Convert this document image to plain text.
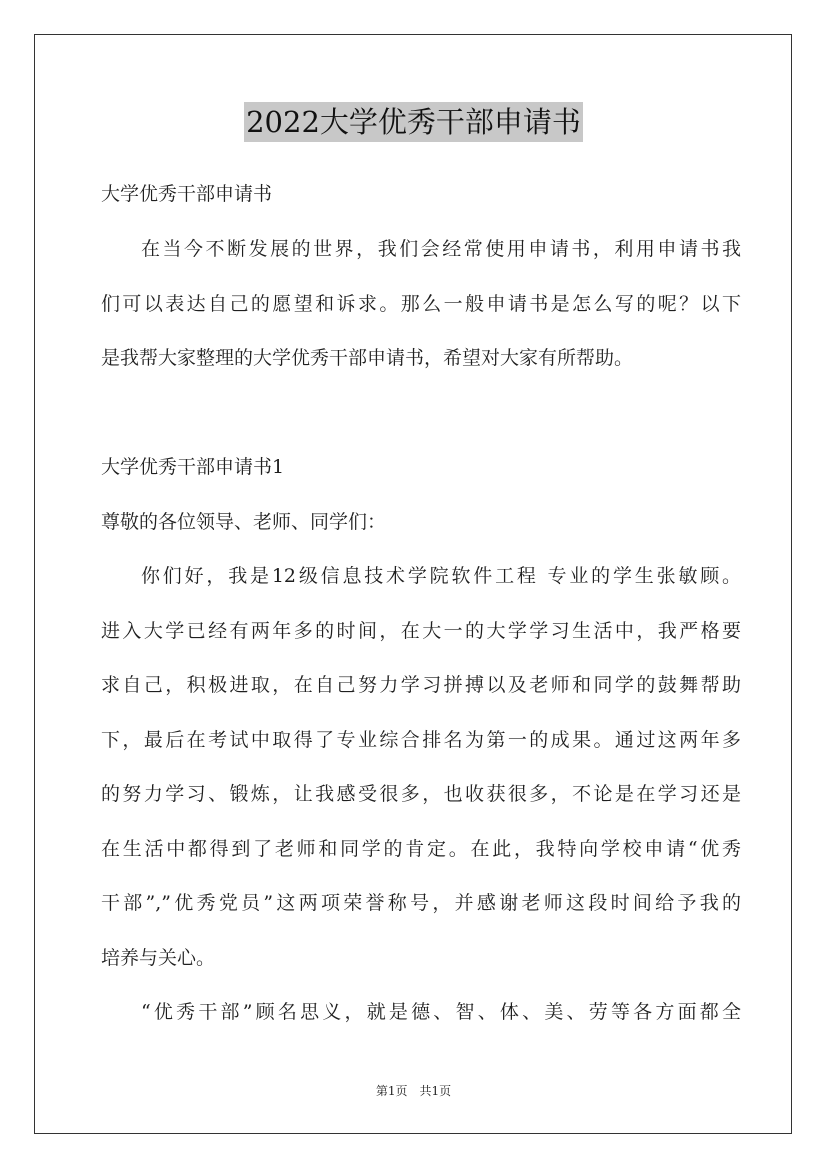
2022大学优秀干部申请书
大学优秀干部申请书
在当今不断发展的世界，我们会经常使用申请书，利用申请书我
们可以表达自己的愿望和诉求。那么一般申请书是怎么写的呢？以下
是我帮大家整理的大学优秀干部申请书，希望对大家有所帮助。
大学优秀干部申请书1
尊敬的各位领导、老师、同学们：
你们好，我是12级信息技术学院软件工程 专业的学生张敏顾。
进入大学已经有两年多的时间，在大一的大学学习生活中，我严格要
求自己，积极进取，在自己努力学习拼搏以及老师和同学的鼓舞帮助
下，最后在考试中取得了专业综合排名为第一的成果。通过这两年多
的努力学习、锻炼，让我感受很多，也收获很多，不论是在学习还是
在生活中都得到了老师和同学的肯定。在此，我特向学校申请“优秀
干部”,”优秀党员”这两项荣誉称号，并感谢老师这段时间给予我的
培养与关心。
“优秀干部”顾名思义，就是德、智、体、美、劳等各方面都全
第1页　共1页
